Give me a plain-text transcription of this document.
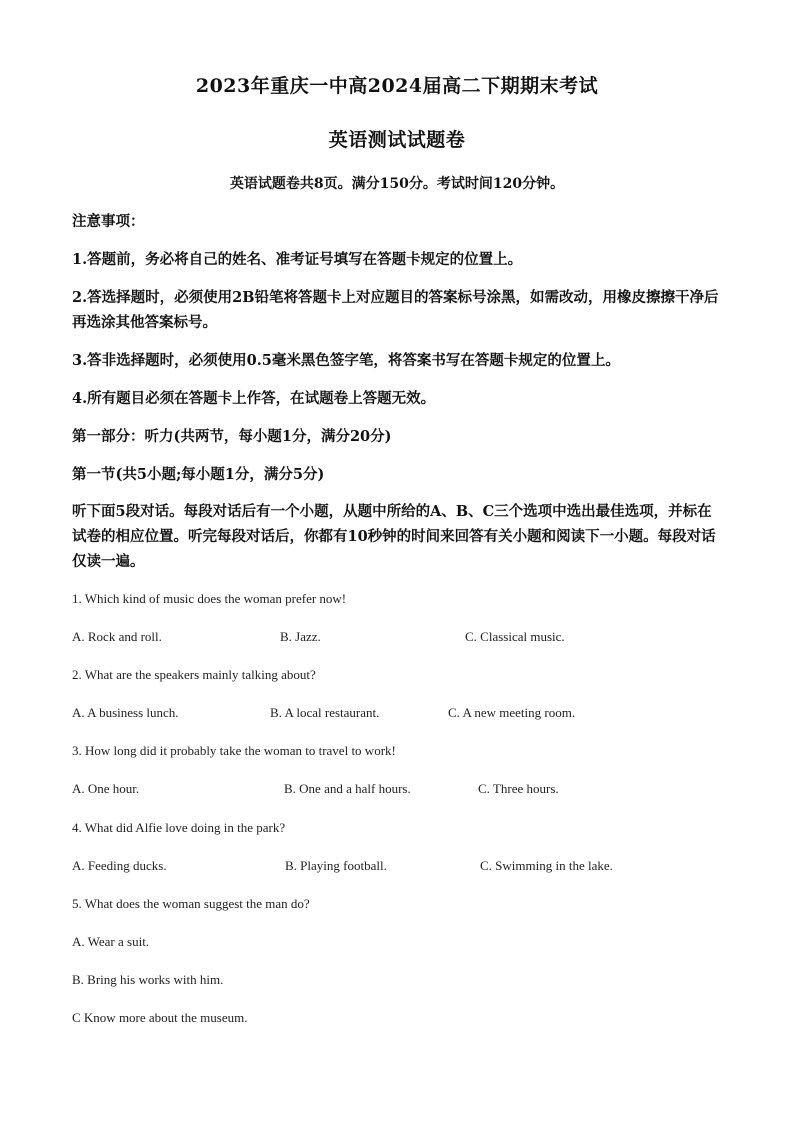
2023年重庆一中高2024届高二下期期末考试
英语测试试题卷
英语试题卷共8页。满分150分。考试时间120分钟。
注意事项：
1.答题前，务必将自己的姓名、准考证号填写在答题卡规定的位置上。
2.答选择题时，必须使用2B铅笔将答题卡上对应题目的答案标号涂黑，如需改动，用橡皮擦擦干净后再选涂其他答案标号。
3.答非选择题时，必须使用0.5毫米黑色签字笔，将答案书写在答题卡规定的位置上。
4.所有题目必须在答题卡上作答，在试题卷上答题无效。
第一部分：听力(共两节，每小题1分，满分20分)
第一节(共5小题;每小题1分，满分5分)
听下面5段对话。每段对话后有一个小题，从题中所给的A、B、C三个选项中选出最佳选项，并标在试卷的相应位置。听完每段对话后，你都有10秒钟的时间来回答有关小题和阅读下一小题。每段对话仅读一遍。
1. Which kind of music does the woman prefer now!
A. Rock and roll.	B. Jazz.	C. Classical music.
2. What are the speakers mainly talking about?
A. A business lunch.	B. A local restaurant.	C. A new meeting room.
3. How long did it probably take the woman to travel to work!
A. One hour.	B. One and a half hours.	C. Three hours.
4. What did Alfie love doing in the park?
A. Feeding ducks.	B. Playing football.	C. Swimming in the lake.
5. What does the woman suggest the man do?
A. Wear a suit.
B. Bring his works with him.
C Know more about the museum.
